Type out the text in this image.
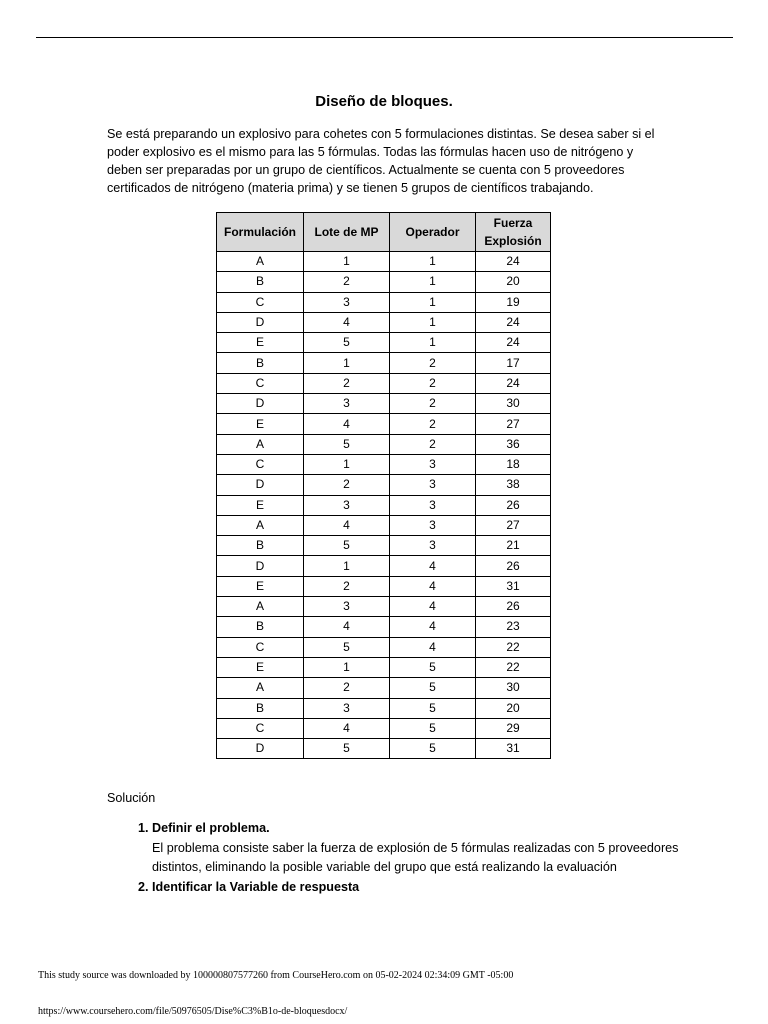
Diseño de bloques.

Se está preparando un explosivo para cohetes con 5 formulaciones distintas. Se desea saber si el poder explosivo es el mismo para las 5 fórmulas. Todas las fórmulas hacen uso de nitrógeno y deben ser preparadas por un grupo de científicos. Actualmente se cuenta con 5 proveedores certificados de nitrógeno (materia prima) y se tienen 5 grupos de científicos trabajando.

Formulación	Lote de MP	Operador	Fuerza Explosión
A	1	1	24
B	2	1	20
C	3	1	19
D	4	1	24
E	5	1	24
B	1	2	17
C	2	2	24
D	3	2	30
E	4	2	27
A	5	2	36
C	1	3	18
D	2	3	38
E	3	3	26
A	4	3	27
B	5	3	21
D	1	4	26
E	2	4	31
A	3	4	26
B	4	4	23
C	5	4	22
E	1	5	22
A	2	5	30
B	3	5	20
C	4	5	29
D	5	5	31
Solución
1. Definir el problema.
El problema consiste saber la fuerza de explosión de 5 fórmulas realizadas con 5 proveedores distintos, eliminando la posible variable del grupo que está realizando la evaluación
2. Identificar la Variable de respuesta
This study source was downloaded by 100000807577260 from CourseHero.com on 05-02-2024 02:34:09 GMT -05:00
https://www.coursehero.com/file/50976505/Dise%C3%B1o-de-bloquesdocx/
